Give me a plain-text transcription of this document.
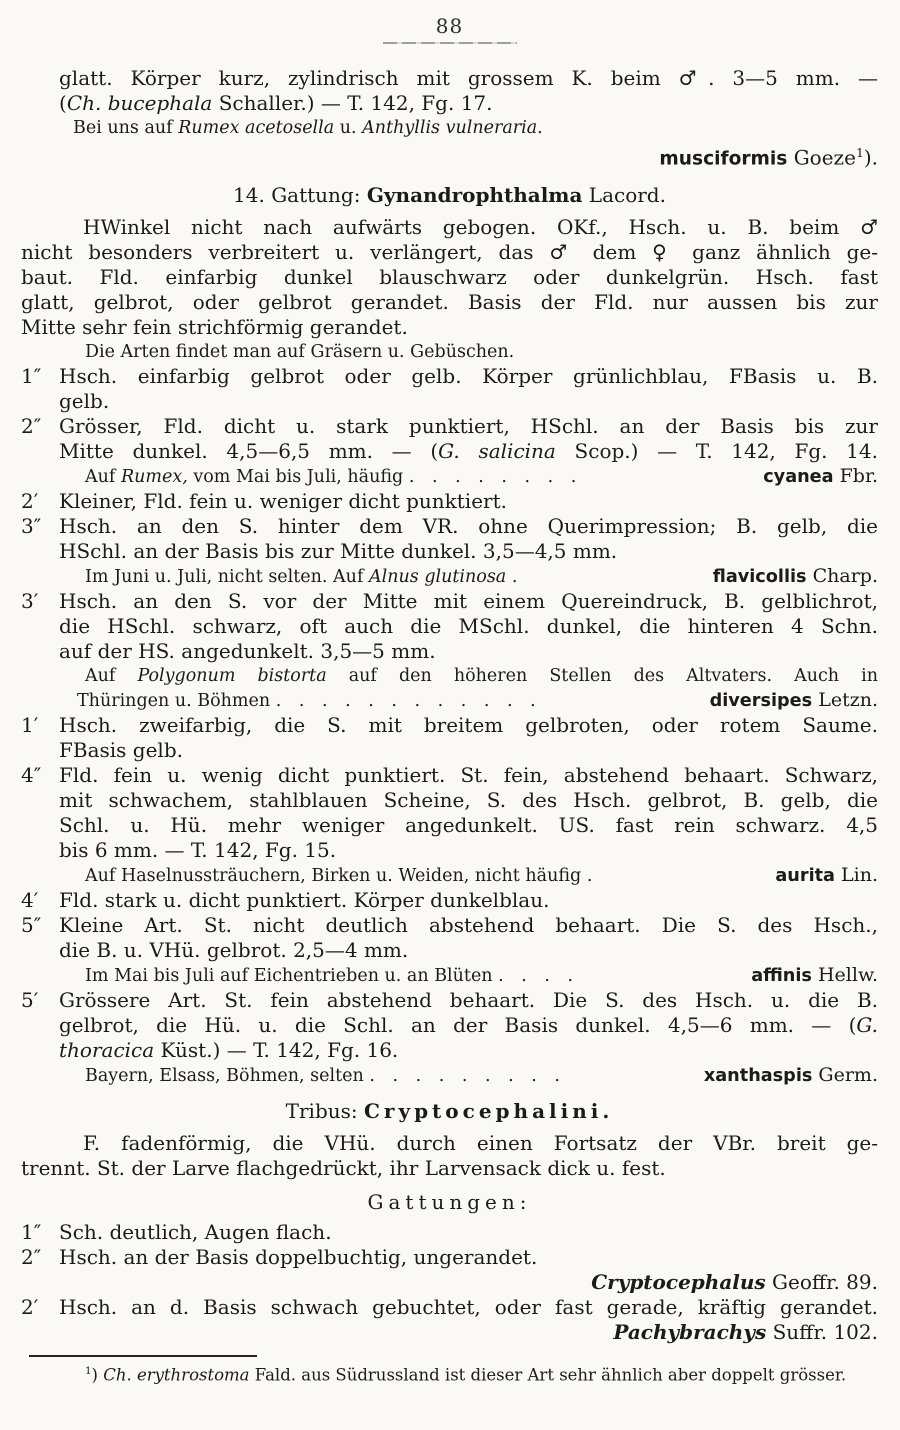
88
glatt. Körper kurz, zylindrisch mit grossem K. beim ♂. 3—5 mm. —
(Ch. bucephala Schaller.) — T. 142, Fg. 17.
Bei uns auf Rumex acetosella u. Anthyllis vulneraria.
musciformis Goeze$^1$).
14. Gattung: Gynandrophthalma Lacord.
HWinkel nicht nach aufwärts gebogen. OKf., Hsch. u. B. beim ♂
nicht besonders verbreitert u. verlängert, das ♂ dem ♀ ganz ähnlich ge-
baut. Fld. einfarbig dunkel blauschwarz oder dunkelgrün. Hsch. fast
glatt, gelbrot, oder gelbrot gerandet. Basis der Fld. nur aussen bis zur
Mitte sehr fein strichförmig gerandet.
Die Arten findet man auf Gräsern u. Gebüschen.
1″ Hsch. einfarbig gelbrot oder gelb. Körper grünlichblau, FBasis u. B.
gelb.
2″ Grösser, Fld. dicht u. stark punktiert, HSchl. an der Basis bis zur
Mitte dunkel. 4,5—6,5 mm. — (G. salicina Scop.) — T. 142, Fg. 14.
Auf Rumex, vom Mai bis Juli, häufig . . . . . . . .	cyanea Fbr.
2′	Kleiner, Fld. fein u. weniger dicht punktiert.
3″ Hsch. an den S. hinter dem VR. ohne Querimpression; B. gelb, die
HSchl. an der Basis bis zur Mitte dunkel. 3,5—4,5 mm.
Im Juni u. Juli, nicht selten. Auf Alnus glutinosa .	flavicollis Charp.
3′	Hsch. an den S. vor der Mitte mit einem Quereindruck, B. gelblichrot,
die HSchl. schwarz, oft auch die MSchl. dunkel, die hinteren 4 Schn.
auf der HS. angedunkelt. 3,5—5 mm.
Auf Polygonum bistorta auf den höheren Stellen des Altvaters. Auch in
Thüringen u. Böhmen . . . . . . . . . . . .	diversipes Letzn.
1′	Hsch. zweifarbig, die S. mit breitem gelbroten, oder rotem Saume.
FBasis gelb.
4″ Fld. fein u. wenig dicht punktiert. St. fein, abstehend behaart. Schwarz,
mit schwachem, stahlblauen Scheine, S. des Hsch. gelbrot, B. gelb, die
Schl. u. Hü. mehr weniger angedunkelt. US. fast rein schwarz. 4,5
bis 6 mm. — T. 142, Fg. 15.
Auf Haselnussträuchern, Birken u. Weiden, nicht häufig .	aurita Lin.
4′	Fld. stark u. dicht punktiert. Körper dunkelblau.
5″ Kleine Art. St. nicht deutlich abstehend behaart. Die S. des Hsch.,
die B. u. VHü. gelbrot. 2,5—4 mm.
Im Mai bis Juli auf Eichentrieben u. an Blüten . . . .	affinis Hellw.
5′	Grössere Art. St. fein abstehend behaart. Die S. des Hsch. u. die B.
gelbrot, die Hü. u. die Schl. an der Basis dunkel. 4,5—6 mm. — (G.
thoracica Küst.) — T. 142, Fg. 16.
Bayern, Elsass, Böhmen, selten . . . . . . . . .	xanthaspis Germ.
Tribus: Cryptocephalini.
F. fadenförmig, die VHü. durch einen Fortsatz der VBr. breit ge-
trennt. St. der Larve flachgedrückt, ihr Larvensack dick u. fest.
Gattungen:
1″ Sch. deutlich, Augen flach.
2″ Hsch. an der Basis doppelbuchtig, ungerandet.
Cryptocephalus Geoffr. 89.
2′	Hsch. an d. Basis schwach gebuchtet, oder fast gerade, kräftig gerandet.
Pachybrachys Suffr. 102.
$^1$) Ch. erythrostoma Fald. aus Südrussland ist dieser Art sehr ähnlich aber doppelt grösser.
